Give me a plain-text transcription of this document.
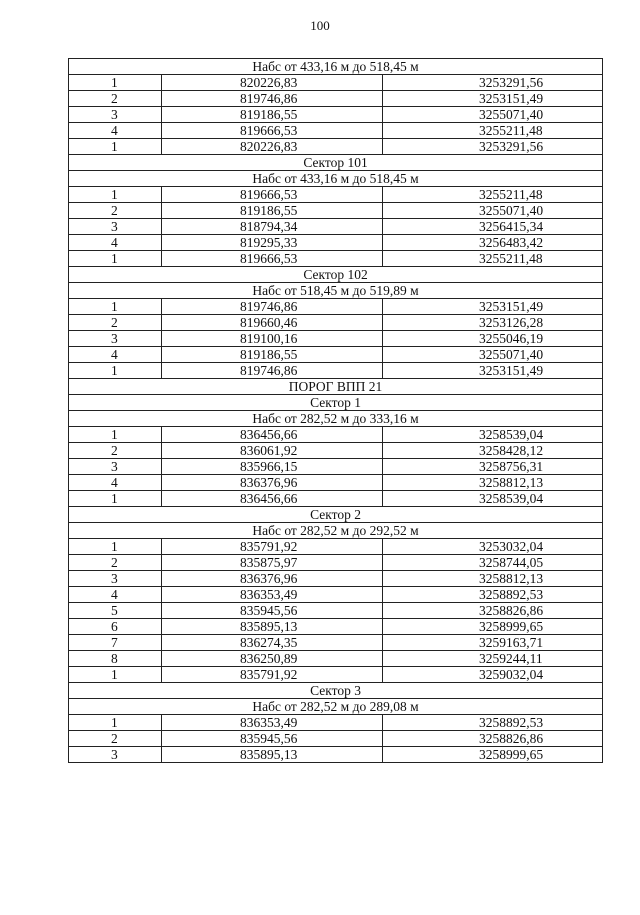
100
Набс от 433,16 м до 518,45 м		
1	820226,83	3253291,56
2	819746,86	3253151,49
3	819186,55	3255071,40
4	819666,53	3255211,48
1	820226,83	3253291,56
Сектор 101		
Набс от 433,16 м до 518,45 м		
1	819666,53	3255211,48
2	819186,55	3255071,40
3	818794,34	3256415,34
4	819295,33	3256483,42
1	819666,53	3255211,48
Сектор 102		
Набс от 518,45 м до 519,89 м		
1	819746,86	3253151,49
2	819660,46	3253126,28
3	819100,16	3255046,19
4	819186,55	3255071,40
1	819746,86	3253151,49
ПОРОГ ВПП 21		
Сектор 1		
Набс от 282,52 м до 333,16 м		
1	836456,66	3258539,04
2	836061,92	3258428,12
3	835966,15	3258756,31
4	836376,96	3258812,13
1	836456,66	3258539,04
Сектор 2		
Набс от 282,52 м до 292,52 м		
1	835791,92	3253032,04
2	835875,97	3258744,05
3	836376,96	3258812,13
4	836353,49	3258892,53
5	835945,56	3258826,86
6	835895,13	3258999,65
7	836274,35	3259163,71
8	836250,89	3259244,11
1	835791,92	3259032,04
Сектор 3		
Набс от 282,52 м до 289,08 м		
1	836353,49	3258892,53
2	835945,56	3258826,86
3	835895,13	3258999,65
